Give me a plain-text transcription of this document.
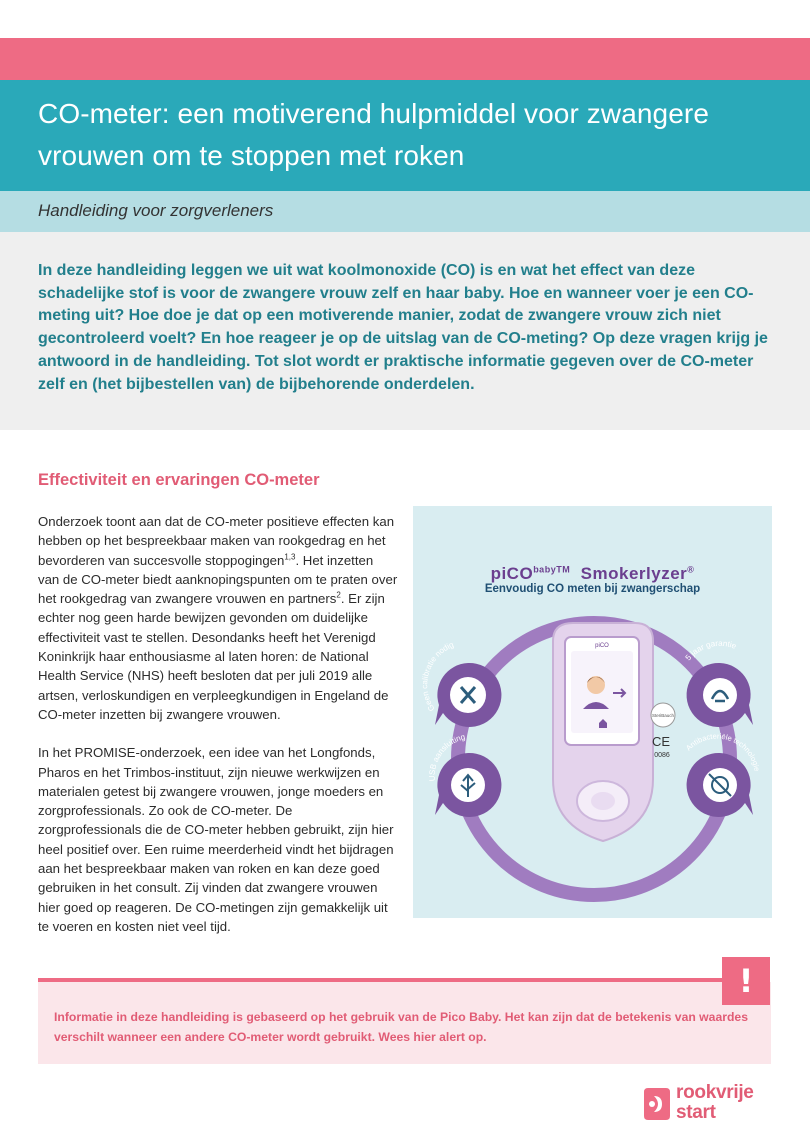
CO-meter: een motiverend hulpmiddel voor zwangere vrouwen om te stoppen met roken
Handleiding voor zorgverleners

In deze handleiding leggen we uit wat koolmonoxide (CO) is en wat het effect van deze schadelijke stof is voor de zwangere vrouw zelf en haar baby. Hoe en wanneer voer je een CO-meting uit? Hoe doe je dat op een motiverende manier, zodat de zwangere vrouw zich niet gecontroleerd voelt? En hoe reageer je op de uitslag van de CO-meting? Op deze vragen krijg je antwoord in de handleiding. Tot slot wordt er praktische informatie gegeven over de CO-meter zelf en (het bijbestellen van) de bijbehorende onderdelen.

Effectiviteit en ervaringen CO-meter

Onderzoek toont aan dat de CO-meter positieve effecten kan hebben op het bespreekbaar maken van rookgedrag en het bevorderen van succesvolle stoppogingen$^{1,3}$. Het inzetten van de CO-meter biedt aanknopingspunten om te praten over het rookgedrag van zwangere vrouwen en partners$^2$. Er zijn echter nog geen harde bewijzen gevonden om duidelijke effectiviteit vast te stellen. Desondanks heeft het Verenigd Koninkrijk haar enthousiasme al laten horen: de National Health Service (NHS) heeft besloten dat per juli 2019 alle artsen, verloskundigen en verpleegkundigen in Engeland de CO-meter inzetten bij zwangere vrouwen.

In het PROMISE-onderzoek, een idee van het Longfonds, Pharos en het Trimbos-instituut, zijn nieuwe werkwijzen en materialen getest bij zwangere vrouwen, jonge moeders en zorgprofessionals. Zo ook de CO-meter. De zorgprofessionals die de CO-meter hebben gebruikt, zijn hier heel positief over. Een ruime meerderheid vindt het bijdragen aan het bespreekbaar maken van roken en kan deze goed gebruiken in het consult. Zij vinden dat zwangere vrouwen hier goed op reageren. De CO-metingen zijn gemakkelijk uit te voeren en kosten niet veel tijd.

piCO$^{babyTM}$ Smokerlyzer®
Eenvoudig CO meten bij zwangerschap
piCO
SteriBauch
CE
0086
Geen calibratie nodig
5 jaar garantie
USB aansluiting
Antibacteriële technologie

Informatie in deze handleiding is gebaseerd op het gebruik van de Pico Baby. Het kan zijn dat de betekenis van waardes verschilt wanneer een andere CO-meter wordt gebruikt. Wees hier alert op.

!
rookvrije
start
